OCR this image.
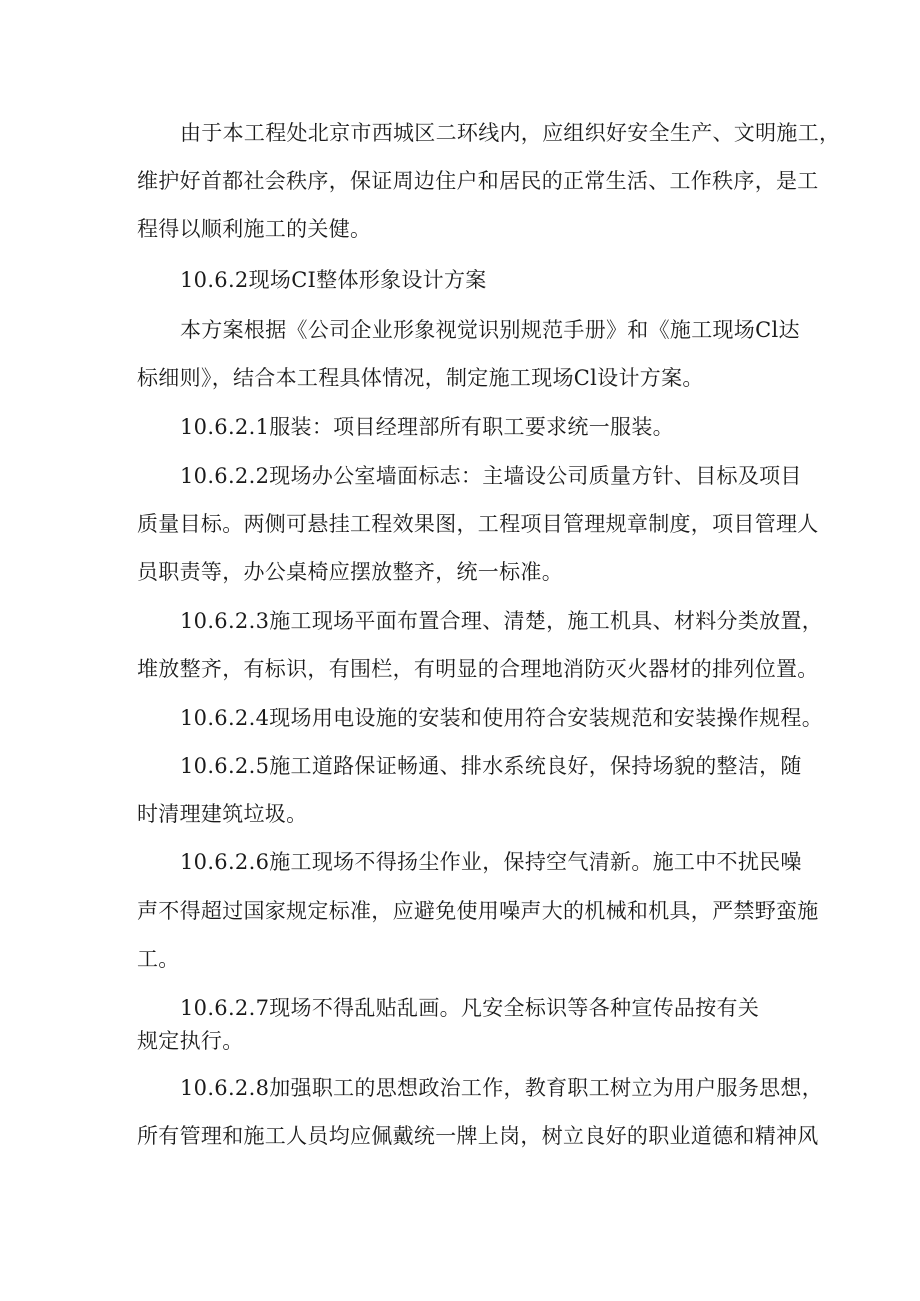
由于本工程处北京市西城区二环线内，应组织好安全生产、文明施工，
维护好首都社会秩序，保证周边住户和居民的正常生活、工作秩序，是工
程得以顺利施工的关健。
10.6.2现场CI整体形象设计方案
本方案根据《公司企业形象视觉识别规范手册》和《施工现场Cl达
标细则》，结合本工程具体情况，制定施工现场Cl设计方案。
10.6.2.1服装：项目经理部所有职工要求统一服装。
10.6.2.2现场办公室墙面标志：主墙设公司质量方针、目标及项目
质量目标。两侧可悬挂工程效果图，工程项目管理规章制度，项目管理人
员职责等，办公桌椅应摆放整齐，统一标准。
10.6.2.3施工现场平面布置合理、清楚，施工机具、材料分类放置，
堆放整齐，有标识，有围栏，有明显的合理地消防灭火器材的排列位置。
10.6.2.4现场用电设施的安装和使用符合安装规范和安装操作规程。
10.6.2.5施工道路保证畅通、排水系统良好，保持场貌的整洁，随
时清理建筑垃圾。
10.6.2.6施工现场不得扬尘作业，保持空气清新。施工中不扰民噪
声不得超过国家规定标准，应避免使用噪声大的机械和机具，严禁野蛮施
工。
10.6.2.7现场不得乱贴乱画。凡安全标识等各种宣传品按有关
规定执行。
10.6.2.8加强职工的思想政治工作，教育职工树立为用户服务思想，
所有管理和施工人员均应佩戴统一牌上岗，树立良好的职业道德和精神风
